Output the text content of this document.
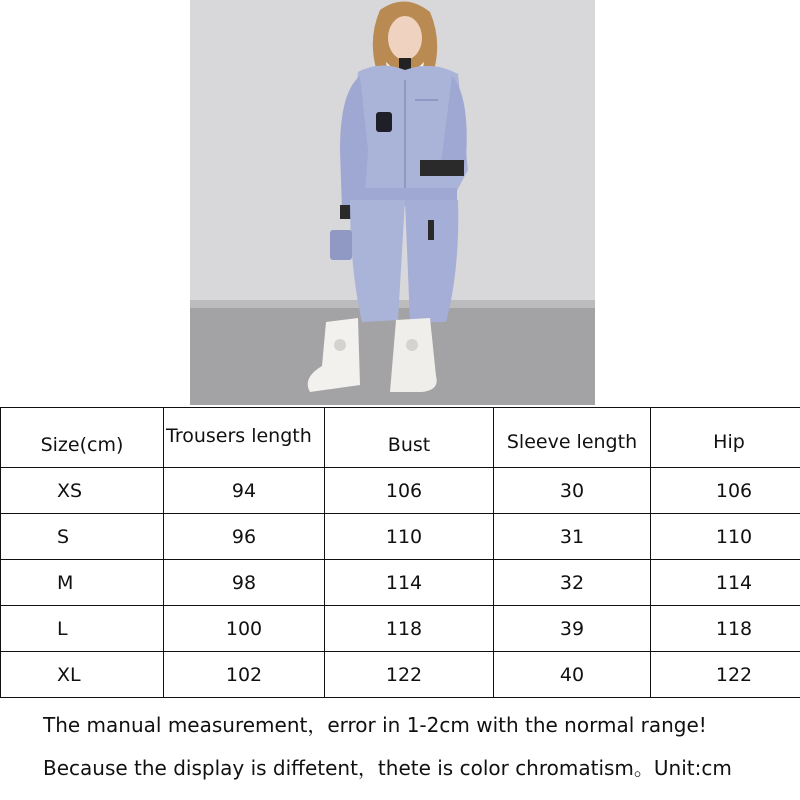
Size(cm)	Trousers length	Bust	Sleeve length	Hip
XS	94	106	30	106
S	96	110	31	110
M	98	114	32	114
L	100	118	39	118
XL	102	122	40	122
The manual measurement，error in 1-2cm with the normal range!
Because the display is diffetent，thete is color chromatism。Unit:cm
